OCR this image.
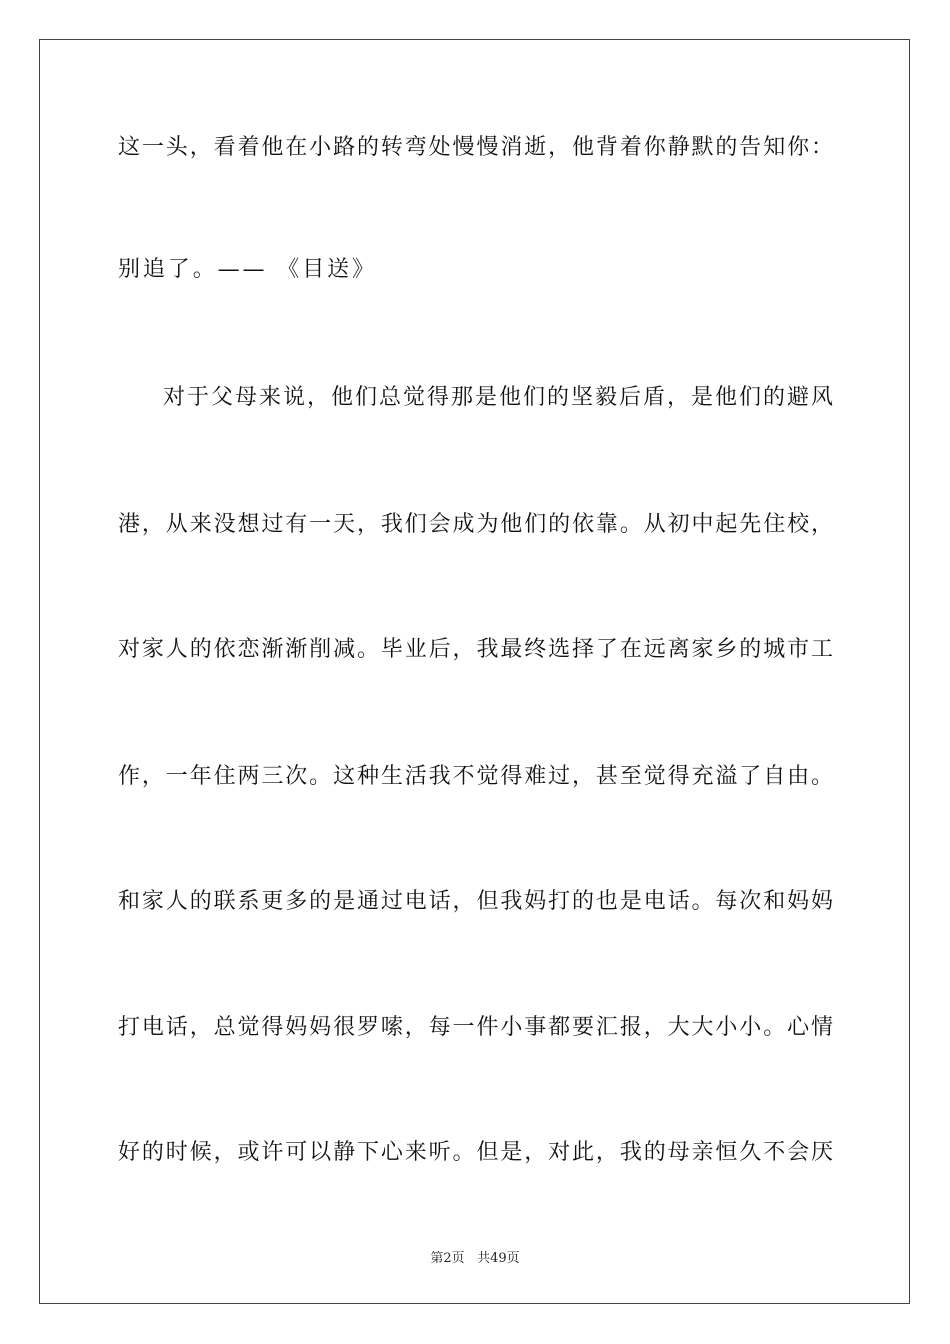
这一头，看着他在小路的转弯处慢慢消逝，他背着你静默的告知你：
别追了。—— 《目送》
对于父母来说，他们总觉得那是他们的坚毅后盾，是他们的避风
港，从来没想过有一天，我们会成为他们的依靠。从初中起先住校，
对家人的依恋渐渐削减。毕业后，我最终选择了在远离家乡的城市工
作，一年住两三次。这种生活我不觉得难过，甚至觉得充溢了自由。
和家人的联系更多的是通过电话，但我妈打的也是电话。每次和妈妈
打电话，总觉得妈妈很罗嗦，每一件小事都要汇报，大大小小。心情
好的时候，或许可以静下心来听。但是，对此，我的母亲恒久不会厌
第2页 共49页
